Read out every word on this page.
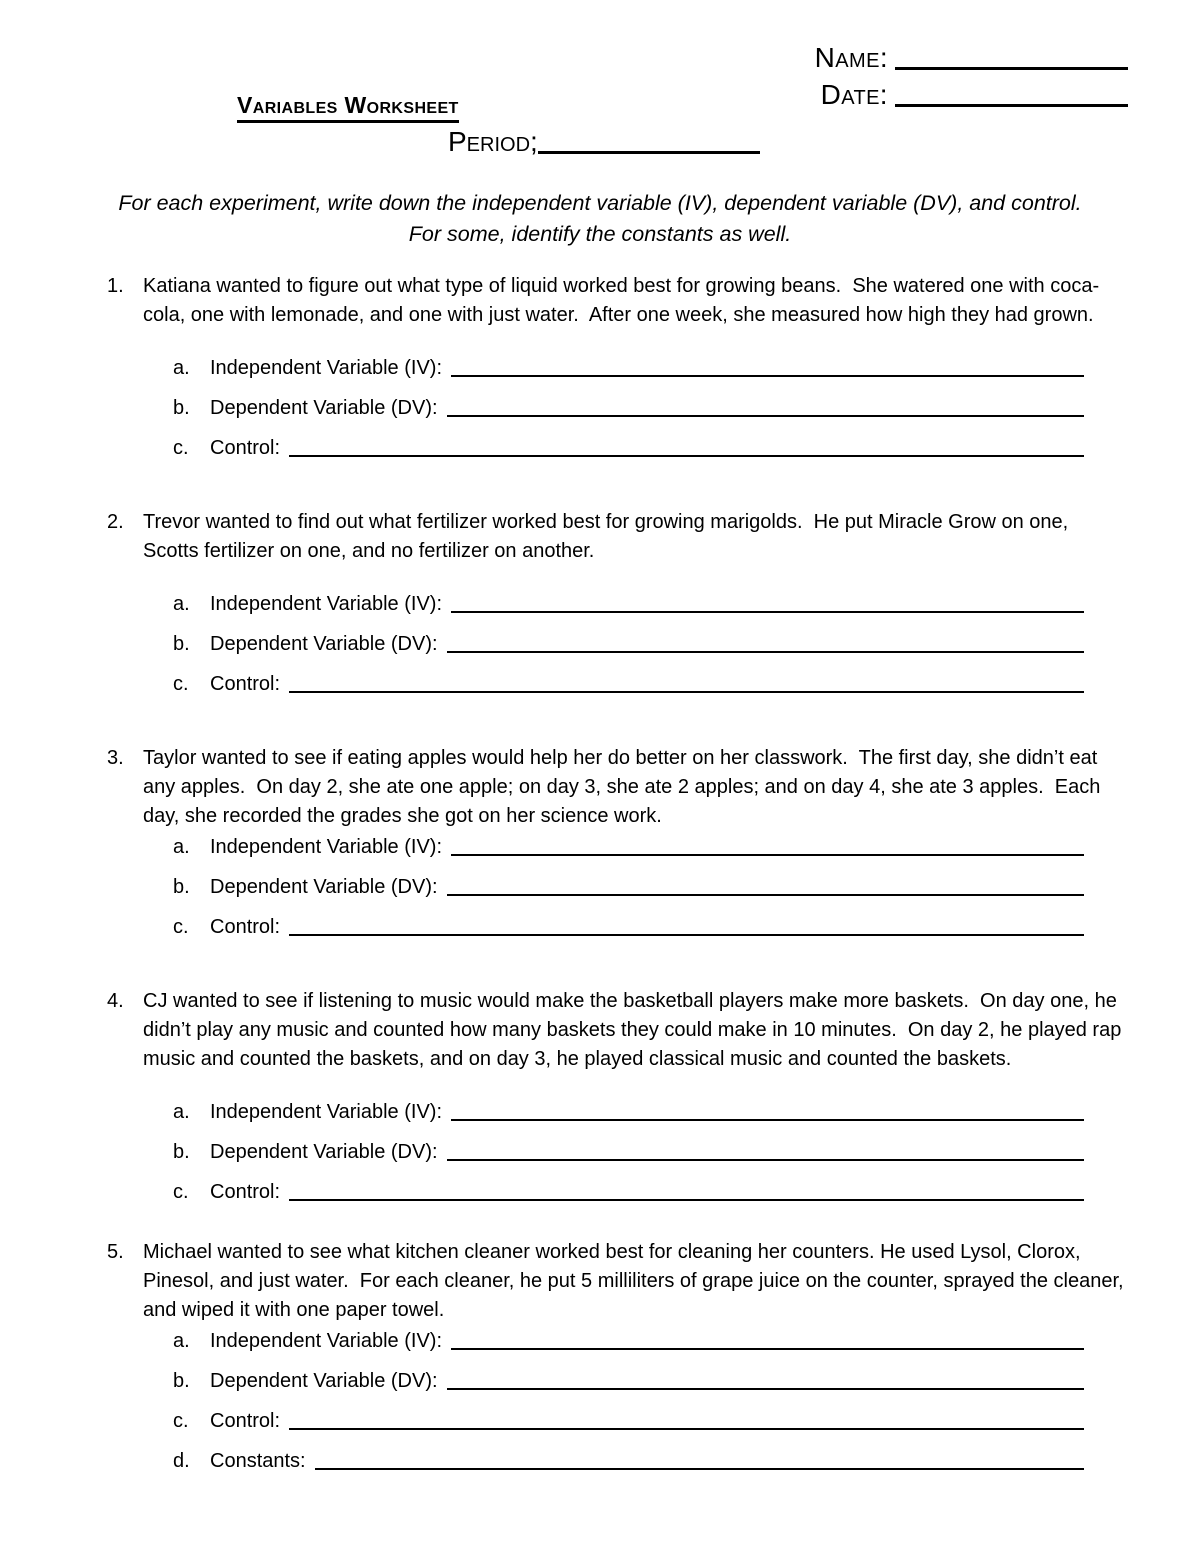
Name:
Date:
Variables Worksheet
Period;
For each experiment, write down the independent variable (IV), dependent variable (DV), and control.
For some, identify the constants as well.
1. Katiana wanted to figure out what type of liquid worked best for growing beans.  She watered one with coca-cola, one with lemonade, and one with just water.  After one week, she measured how high they had grown.

a.	Independent Variable (IV):
b.	Dependent Variable (DV):
c.	Control:
2. Trevor wanted to find out what fertilizer worked best for growing marigolds.  He put Miracle Grow on one, Scotts fertilizer on one, and no fertilizer on another.

a.	Independent Variable (IV):
b.	Dependent Variable (DV):
c.	Control:
3. Taylor wanted to see if eating apples would help her do better on her classwork.  The first day, she didn’t eat any apples.  On day 2, she ate one apple; on day 3, she ate 2 apples; and on day 4, she ate 3 apples.  Each day, she recorded the grades she got on her science work.

a.	Independent Variable (IV):
b.	Dependent Variable (DV):
c.	Control:
4. CJ wanted to see if listening to music would make the basketball players make more baskets.  On day one, he didn’t play any music and counted how many baskets they could make in 10 minutes.  On day 2, he played rap music and counted the baskets, and on day 3, he played classical music and counted the baskets.

a.	Independent Variable (IV):
b.	Dependent Variable (DV):
c.	Control:
5. Michael wanted to see what kitchen cleaner worked best for cleaning her counters. He used Lysol, Clorox, Pinesol, and just water.  For each cleaner, he put 5 milliliters of grape juice on the counter, sprayed the cleaner, and wiped it with one paper towel.

a.	Independent Variable (IV):
b.	Dependent Variable (DV):
c.	Control:
d.	Constants:
